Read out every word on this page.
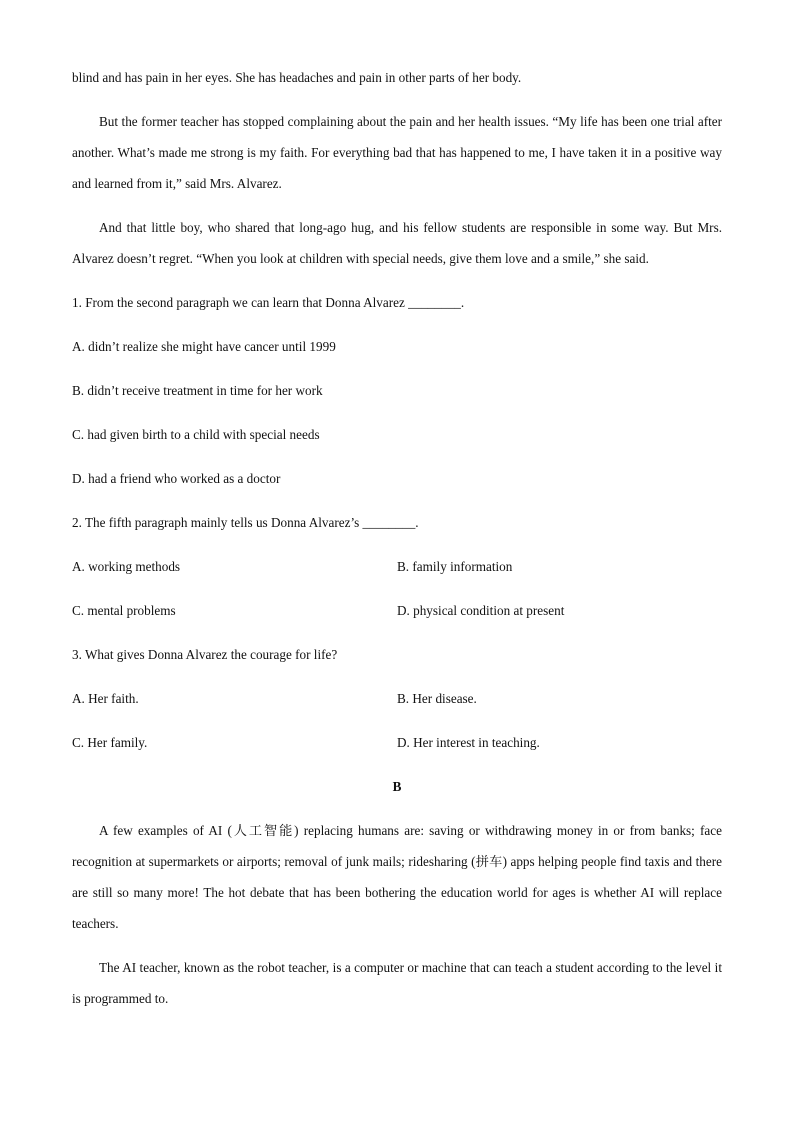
blind and has pain in her eyes. She has headaches and pain in other parts of her body.

But the former teacher has stopped complaining about the pain and her health issues. “My life has been one trial after another. What’s made me strong is my faith. For everything bad that has happened to me, I have taken it in a positive way and learned from it,” said Mrs. Alvarez.

And that little boy, who shared that long-ago hug, and his fellow students are responsible in some way. But Mrs. Alvarez doesn’t regret. “When you look at children with special needs, give them love and a smile,” she said.

1. From the second paragraph we can learn that Donna Alvarez ________.

A. didn’t realize she might have cancer until 1999

B. didn’t receive treatment in time for her work

C. had given birth to a child with special needs

D. had a friend who worked as a doctor

2. The fifth paragraph mainly tells us Donna Alvarez’s ________.

A. working methods	B. family information
C. mental problems	D. physical condition at present

3. What gives Donna Alvarez the courage for life?

A. Her faith.	B. Her disease.
C. Her family.	D. Her interest in teaching.

B

A few examples of AI (人工智能) replacing humans are: saving or withdrawing money in or from banks; face recognition at supermarkets or airports; removal of junk mails; ridesharing (拼车) apps helping people find taxis and there are still so many more! The hot debate that has been bothering the education world for ages is whether AI will replace teachers.

The AI teacher, known as the robot teacher, is a computer or machine that can teach a student according to the level it is programmed to.
